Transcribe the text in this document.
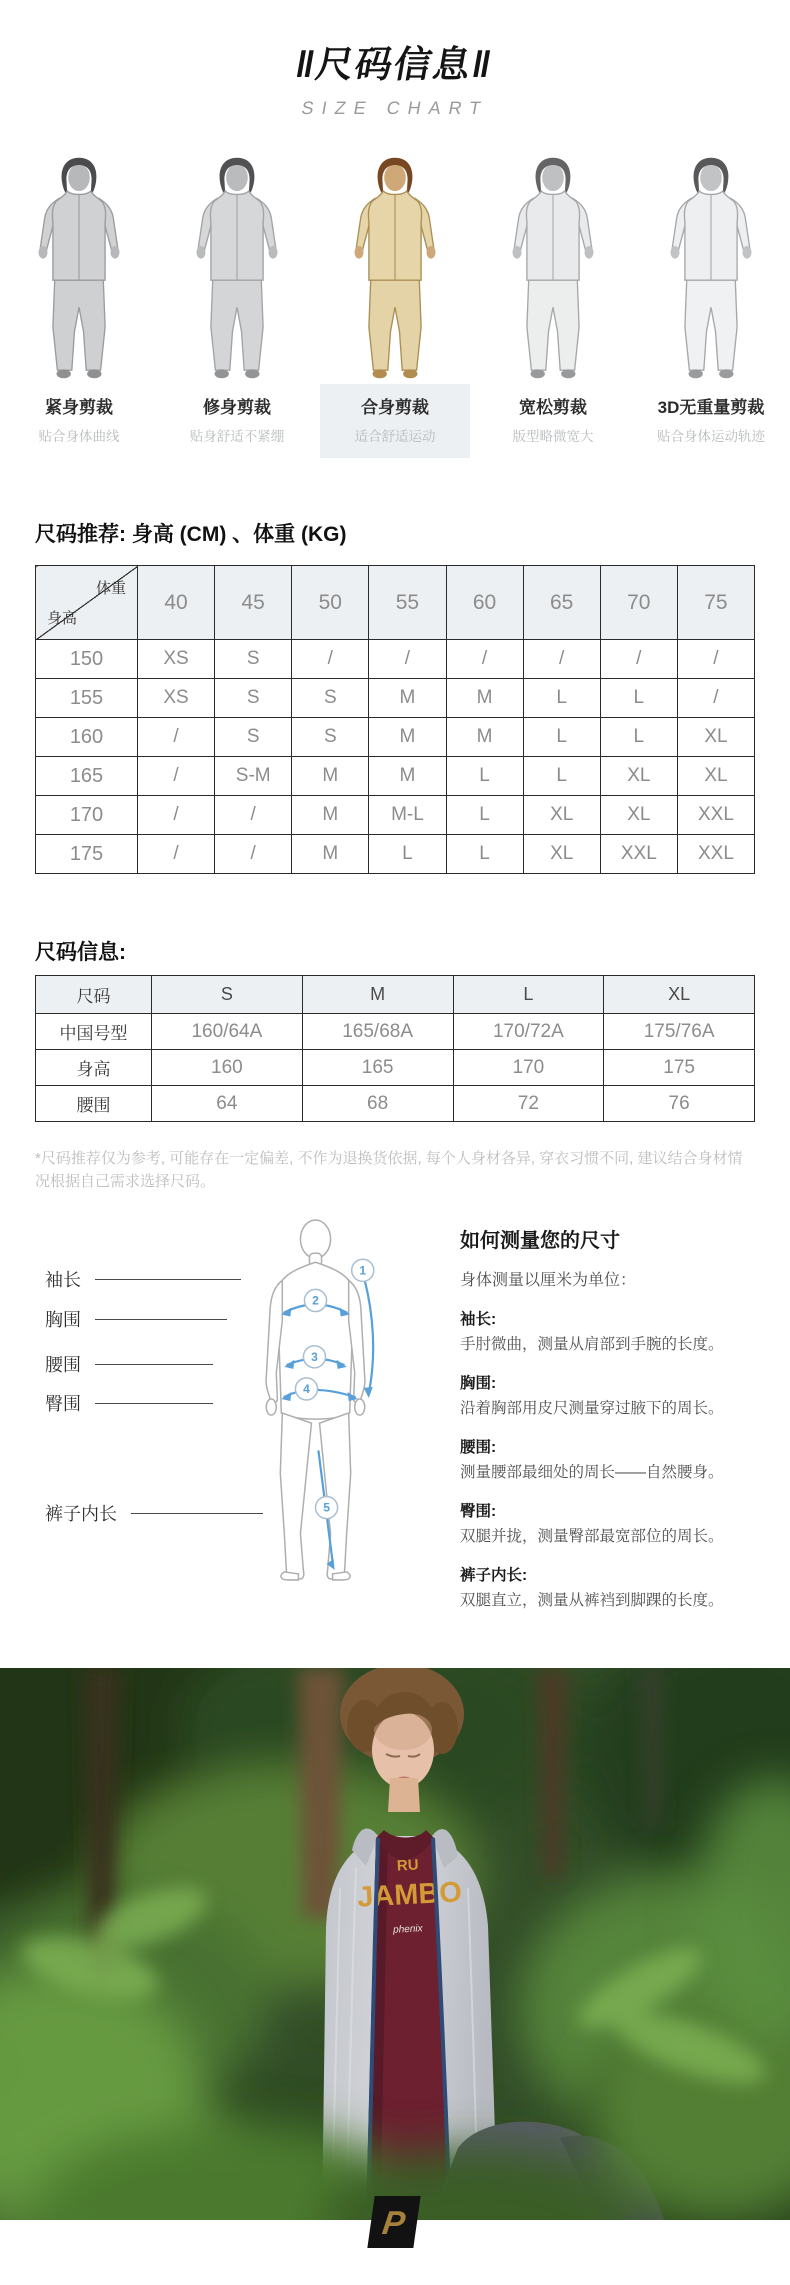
‖尺码信息‖
SIZE CHART
紧身剪裁
贴合身体曲线
修身剪裁
贴身舒适不紧绷
合身剪裁
适合舒适运动
宽松剪裁
版型略微宽大
3D无重量剪裁
贴合身体运动轨迹
尺码推荐: 身高 (CM) 、体重 (KG)
体重
身高	40	45	50	55	60	65	70	75
150	XS	S	/	/	/	/	/	/
155	XS	S	S	M	M	L	L	/
160	/	S	S	M	M	L	L	XL
165	/	S-M	M	M	L	L	XL	XL
170	/	/	M	M-L	L	XL	XL	XXL
175	/	/	M	L	L	XL	XXL	XXL
尺码信息:
尺码	S	M	L	XL
中国号型	160/64A	165/68A	170/72A	175/76A
身高	160	165	170	175
腰围	64	68	72	76
*尺码推荐仅为参考, 可能存在一定偏差, 不作为退换货依据, 每个人身材各异, 穿衣习惯不同, 建议结合身材情况根据自己需求选择尺码。
袖长
胸围
腰围
臀围
裤子内长
1
2
3
4
5
如何测量您的尺寸
身体测量以厘米为单位：
袖长:
手肘微曲，测量从肩部到手腕的长度。
胸围:
沿着胸部用皮尺测量穿过腋下的周长。
腰围:
测量腰部最细处的周长——自然腰身。
臀围:
双腿并拢，测量臀部最宽部位的周长。
裤子内长:
双腿直立，测量从裤裆到脚踝的长度。
RU
JAMBO
phenix
P
